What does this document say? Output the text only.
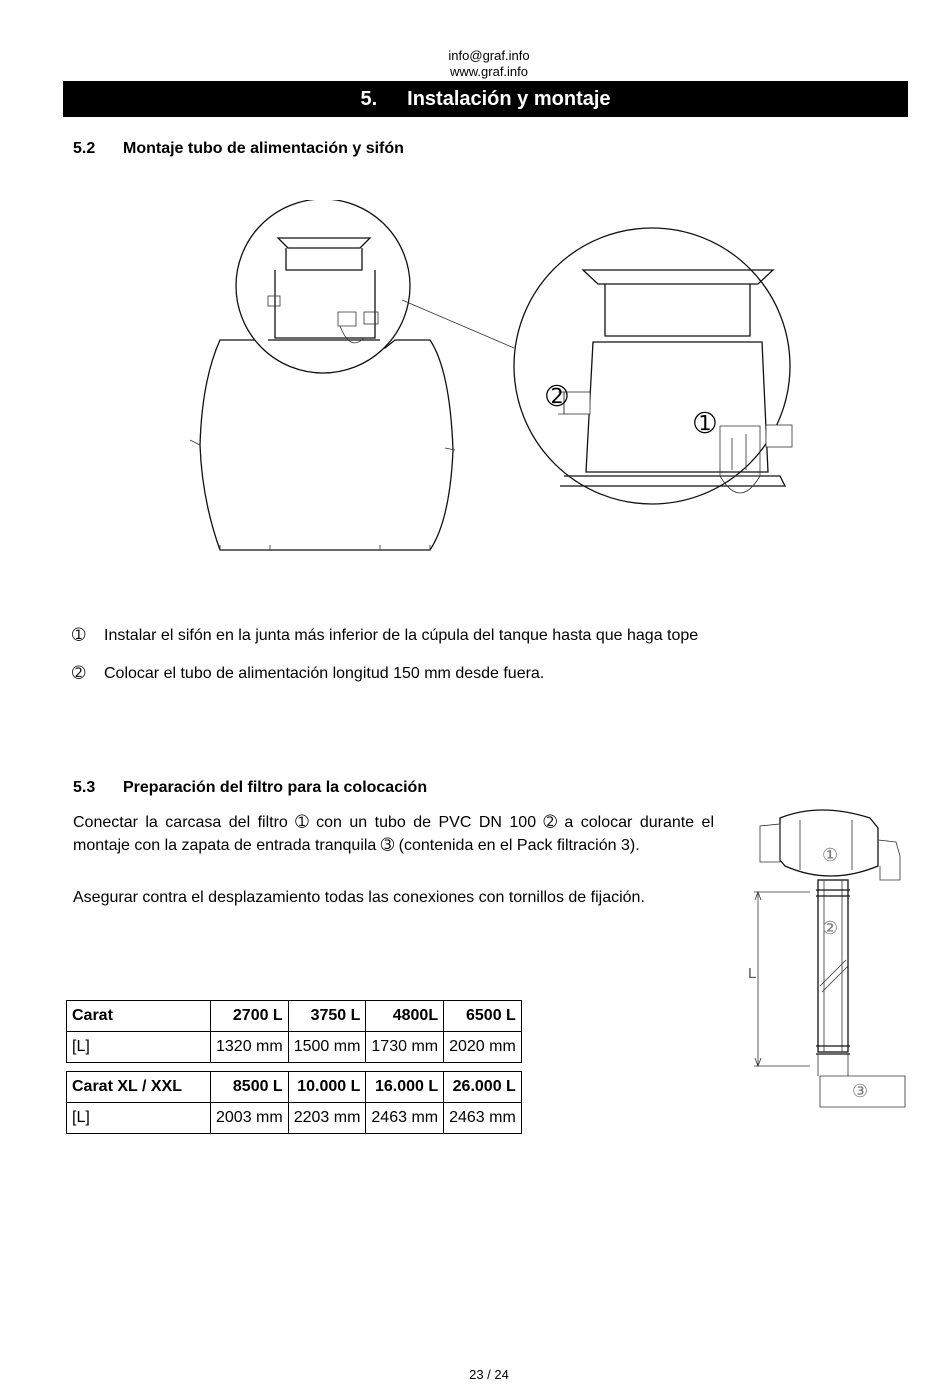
info@graf.info
www.graf.info
5. Instalación y montaje
5.2 Montaje tubo de alimentación y sifón
➁
➀
➀ Instalar el sifón en la junta más inferior de la cúpula del tanque hasta que haga tope
➁ Colocar el tubo de alimentación longitud 150 mm desde fuera.
5.3 Preparación del filtro para la colocación
Conectar la carcasa del filtro ➀ con un tubo de PVC DN 100 ➁ a colocar durante el montaje con la zapata de entrada tranquila ➂ (contenida en el Pack filtración 3).
Asegurar contra el desplazamiento todas las conexiones con tornillos de fijación.
L
①
②
③
Carat	2700 L	3750 L	4800L	6500 L
[L]	1320 mm	1500 mm	1730 mm	2020 mm
Carat XL / XXL	8500 L	10.000 L	16.000 L	26.000 L
[L]	2003 mm	2203 mm	2463 mm	2463 mm
23 / 24
